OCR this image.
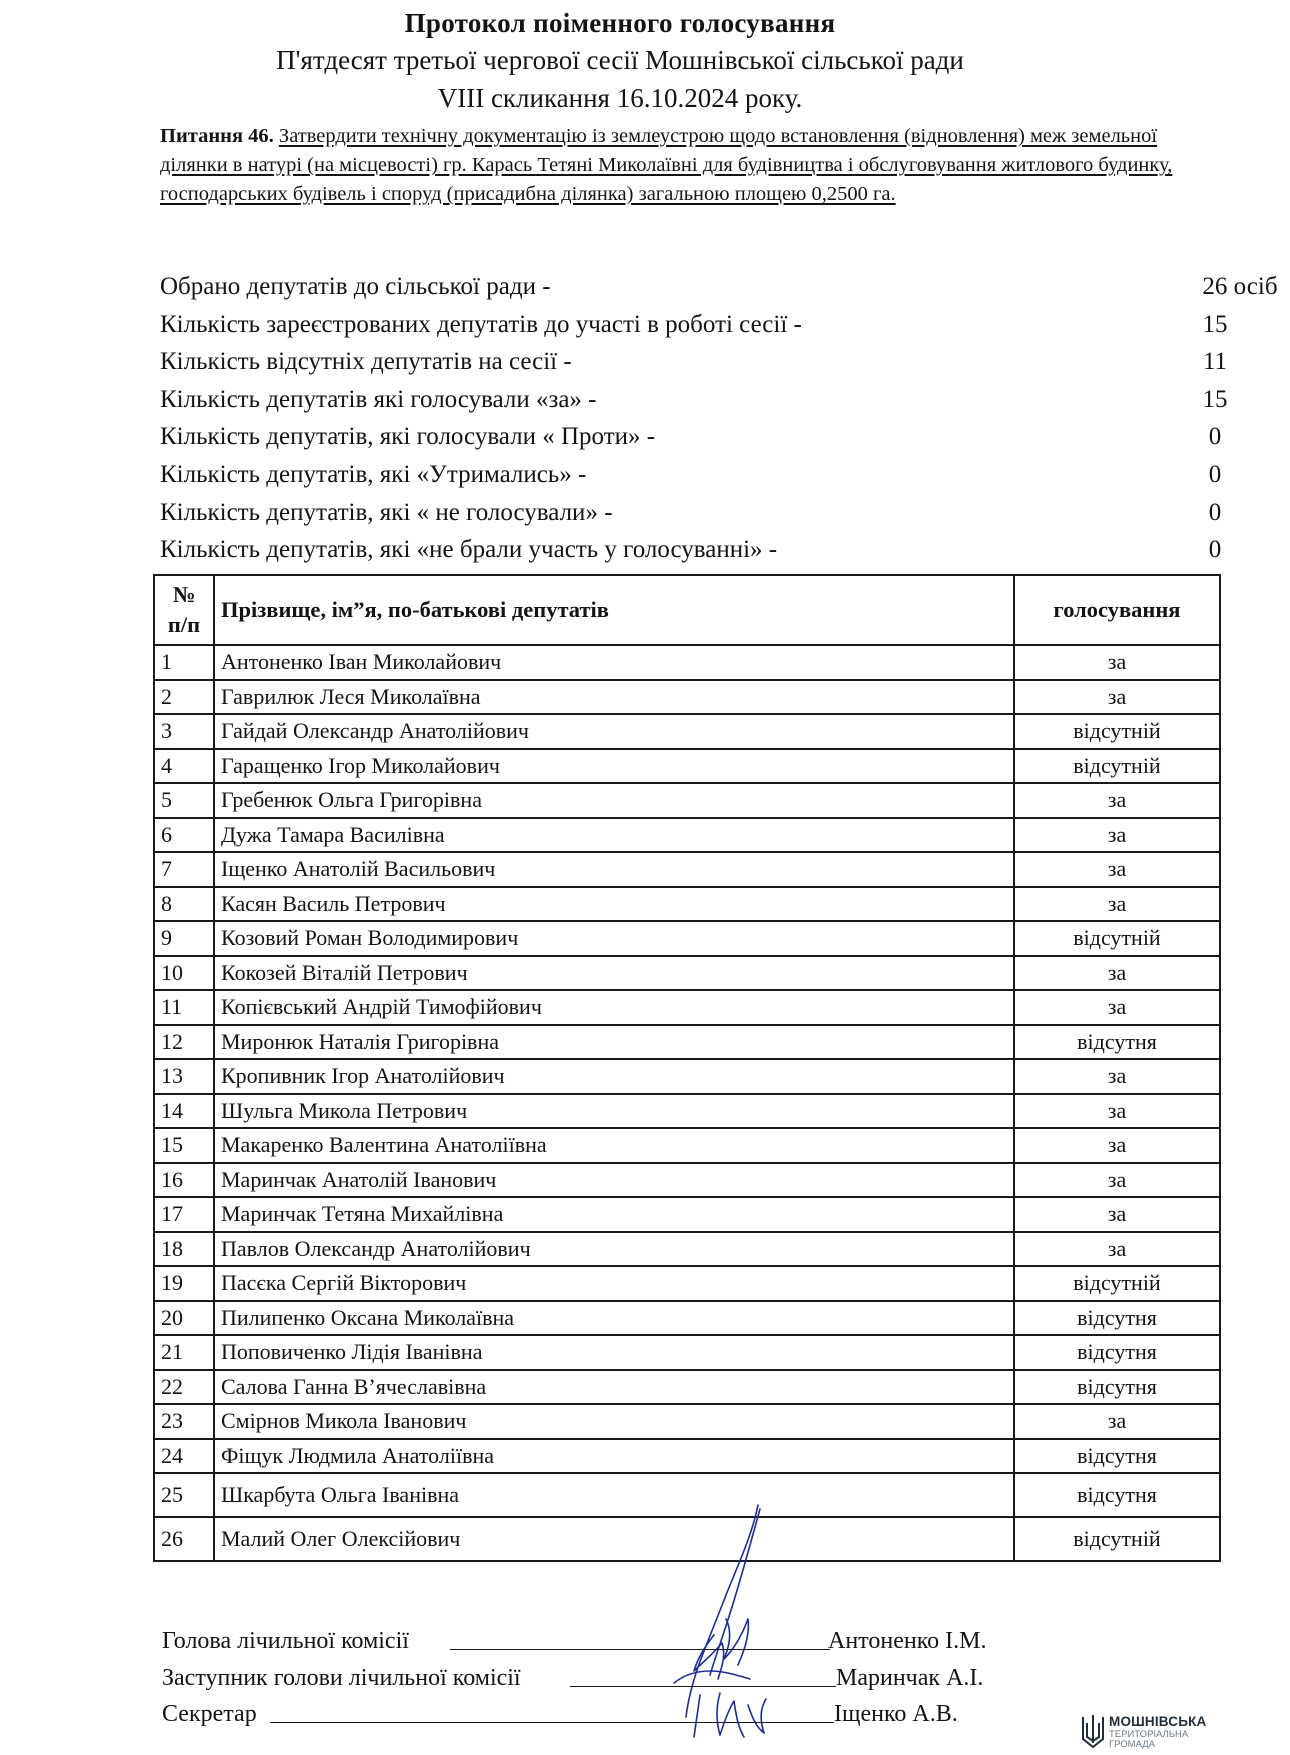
Протокол поіменного голосування
П'ятдесят третьої чергової сесії Мошнівської сільської ради
VIII скликання 16.10.2024 року.
Питання 46. Затвердити технічну документацію із землеустрою щодо встановлення (відновлення) меж земельної ділянки в натурі (на місцевості) гр. Карась Тетяні Миколаївні для будівництва і обслуговування житлового будинку, господарських будівель і споруд (присадибна ділянка) загальною площею 0,2500 га.
Обрано депутатів до сільської ради -	26 осіб
Кількість зареєстрованих депутатів до участі в роботі сесії -	15
Кількість відсутніх депутатів на сесії -	11
Кількість депутатів які голосували «за» -	15
Кількість депутатів, які голосували « Проти» -	0
Кількість депутатів, які «Утримались» -	0
Кількість депутатів, які « не голосували» -	0
Кількість депутатів, які «не брали участь у голосуванні» -	0
№
п/п	Прізвище, ім”я, по-батькові депутатів	голосування
1	Антоненко Іван Миколайович	за
2	Гаврилюк Леся Миколаївна	за
3	Гайдай Олександр Анатолійович	відсутній
4	Гаращенко Ігор Миколайович	відсутній
5	Гребенюк Ольга Григорівна	за
6	Дужа Тамара Василівна	за
7	Іщенко Анатолій Васильович	за
8	Касян Василь Петрович	за
9	Козовий Роман Володимирович	відсутній
10	Кокозей Віталій Петрович	за
11	Копієвський Андрій Тимофійович	за
12	Миронюк Наталія Григорівна	відсутня
13	Кропивник Ігор Анатолійович	за
14	Шульга Микола Петрович	за
15	Макаренко Валентина Анатоліївна	за
16	Маринчак Анатолій Іванович	за
17	Маринчак Тетяна Михайлівна	за
18	Павлов Олександр Анатолійович	за
19	Пасєка Сергій Вікторович	відсутній
20	Пилипенко Оксана Миколаївна	відсутня
21	Поповиченко Лідія Іванівна	відсутня
22	Салова Ганна В’ячеславівна	відсутня
23	Смірнов Микола Іванович	за
24	Фіщук Людмила Анатоліївна	відсутня
25	Шкарбута Ольга Іванівна	відсутня
26	Малий Олег Олексійович	відсутній
Голова лічильної комісії	Антоненко І.М.
Заступник голови лічильної комісії	Маринчак А.І.
Секретар	Іщенко А.В.	МОШНІВСЬКА
ТЕРИТОРІАЛЬНА
ГРОМАДА
